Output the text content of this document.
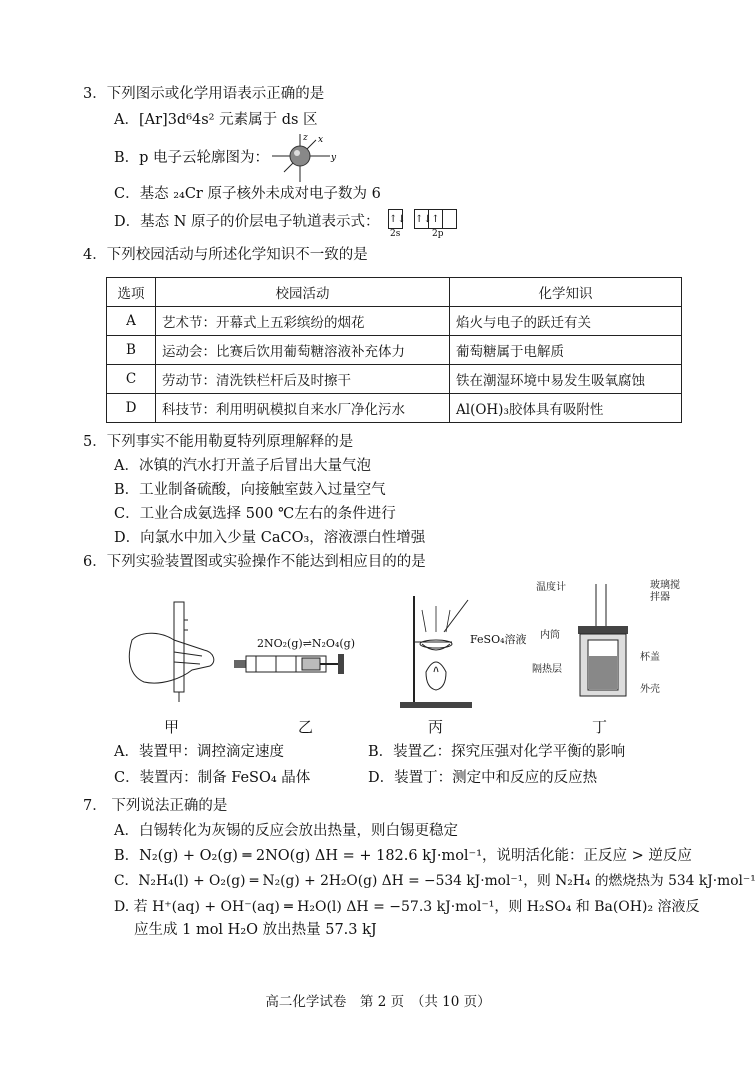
3．下列图示或化学用语表示正确的是
A．[Ar]3d⁶4s² 元素属于 ds 区
B．p 电子云轮廓图为：	y
z x
C．基态 ₂₄Cr 原子核外未成对电子数为 6
D．基态 N 原子的价层电子轨道表示式： ↑↓ ↑↓ ↑
2s	2p
4．下列校园活动与所述化学知识不一致的是
选项	校园活动	化学知识
A	艺术节：开幕式上五彩缤纷的烟花	焰火与电子的跃迁有关
B	运动会：比赛后饮用葡萄糖溶液补充体力	葡萄糖属于电解质
C	劳动节：清洗铁栏杆后及时擦干	铁在潮湿环境中易发生吸氧腐蚀
D	科技节：利用明矾模拟自来水厂净化污水	Al(OH)₃胶体具有吸附性
5．下列事实不能用勒夏特列原理解释的是
A．冰镇的汽水打开盖子后冒出大量气泡
B．工业制备硫酸，向接触室鼓入过量空气
C．工业合成氨选择 500 ℃左右的条件进行
D．向氯水中加入少量 CaCO₃，溶液漂白性增强
6．下列实验装置图或实验操作不能达到相应目的的是
2NO₂(g)⇌N₂O₄(g)	FeSO₄溶液
温度计	玻璃搅拌器
内筒
杯盖
隔热层
外壳
甲	乙	丙	丁
A．装置甲：调控滴定速度	B．装置乙：探究压强对化学平衡的影响
C．装置丙：制备 FeSO₄ 晶体	D．装置丁：测定中和反应的反应热
7． 下列说法正确的是
A．白锡转化为灰锡的反应会放出热量，则白锡更稳定
B．N₂(g) + O₂(g) ═ 2NO(g) ΔH = + 182.6 kJ·mol⁻¹，说明活化能：正反应 > 逆反应
C．N₂H₄(l) + O₂(g) ═ N₂(g) + 2H₂O(g) ΔH = −534 kJ·mol⁻¹，则 N₂H₄ 的燃烧热为 534 kJ·mol⁻¹
D. 若 H⁺(aq) + OH⁻(aq) ═ H₂O(l) ΔH = −57.3 kJ·mol⁻¹，则 H₂SO₄ 和 Ba(OH)₂ 溶液反
应生成 1 mol H₂O 放出热量 57.3 kJ
高二化学试卷　第 2 页　（共 10 页）
